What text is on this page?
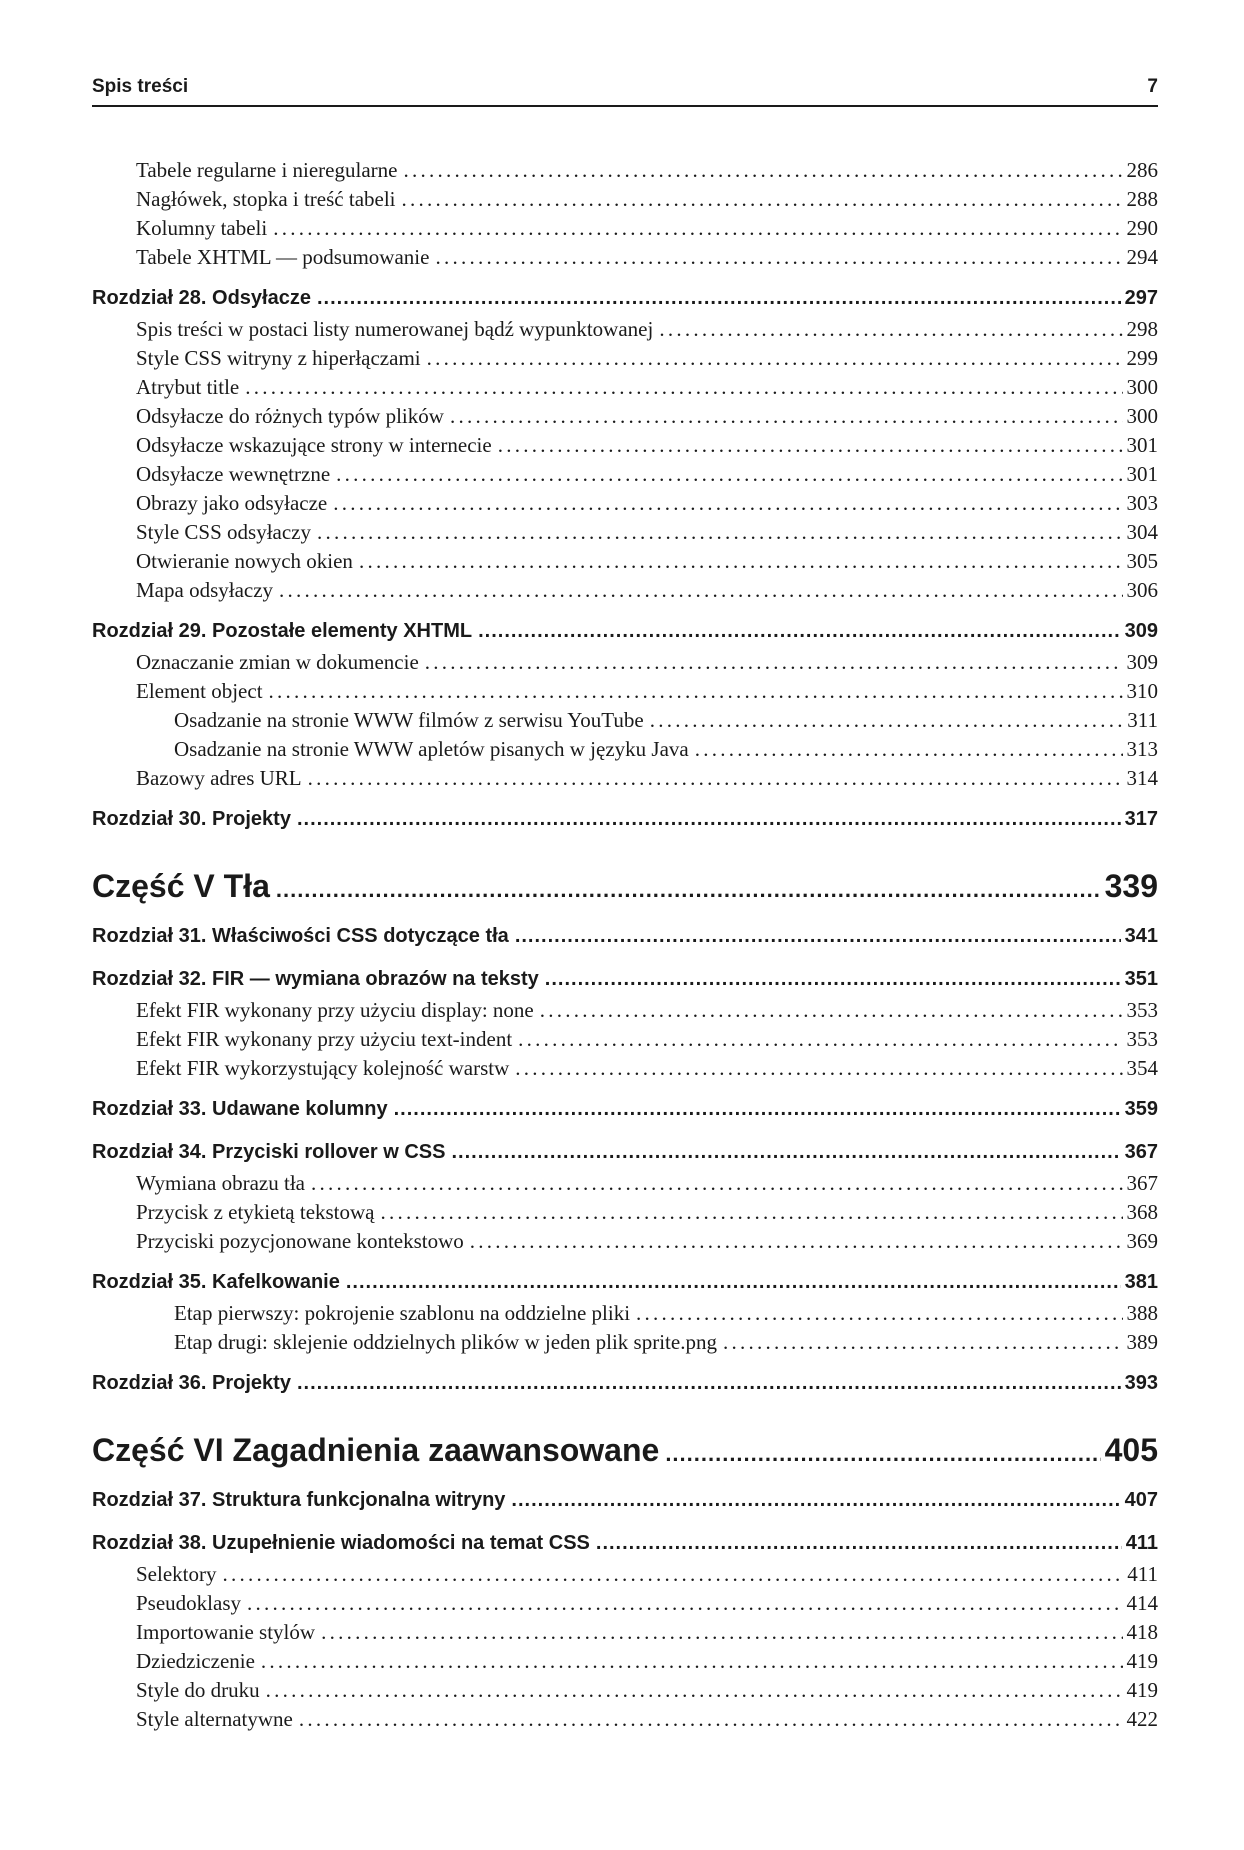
Spis treści	7
Tabele regularne i nieregularne . . .	286
Nagłówek, stopka i treść tabeli . . .	288
Kolumny tabeli . . .	290
Tabele XHTML — podsumowanie . . .	294
Rozdział 28. Odsyłacze .....	297
Spis treści w postaci listy numerowanej bądź wypunktowanej . . .	298
Style CSS witryny z hiperłączami . . .	299
Atrybut title . . .	300
Odsyłacze do różnych typów plików . . .	300
Odsyłacze wskazujące strony w internecie . . .	301
Odsyłacze wewnętrzne . . .	301
Obrazy jako odsyłacze . . .	303
Style CSS odsyłaczy . . .	304
Otwieranie nowych okien . . .	305
Mapa odsyłaczy . . .	306
Rozdział 29. Pozostałe elementy XHTML .....	309
Oznaczanie zmian w dokumencie . . .	309
Element object . . .	310
Osadzanie na stronie WWW filmów z serwisu YouTube . . .	311
Osadzanie na stronie WWW apletów pisanych w języku Java . . .	313
Bazowy adres URL . . .	314
Rozdział 30. Projekty .....	317
Część V Tła .....	339
Rozdział 31. Właściwości CSS dotyczące tła .....	341
Rozdział 32. FIR — wymiana obrazów na teksty .....	351
Efekt FIR wykonany przy użyciu display: none . . .	353
Efekt FIR wykonany przy użyciu text-indent . . .	353
Efekt FIR wykorzystujący kolejność warstw . . .	354
Rozdział 33. Udawane kolumny .....	359
Rozdział 34. Przyciski rollover w CSS .....	367
Wymiana obrazu tła . . .	367
Przycisk z etykietą tekstową . . .	368
Przyciski pozycjonowane kontekstowo . . .	369
Rozdział 35. Kafelkowanie .....	381
Etap pierwszy: pokrojenie szablonu na oddzielne pliki . . .	388
Etap drugi: sklejenie oddzielnych plików w jeden plik sprite.png . . .	389
Rozdział 36. Projekty .....	393
Część VI Zagadnienia zaawansowane .....	405
Rozdział 37. Struktura funkcjonalna witryny .....	407
Rozdział 38. Uzupełnienie wiadomości na temat CSS .....	411
Selektory . . .	411
Pseudoklasy . . .	414
Importowanie stylów . . .	418
Dziedziczenie . . .	419
Style do druku . . .	419
Style alternatywne . . .	422
